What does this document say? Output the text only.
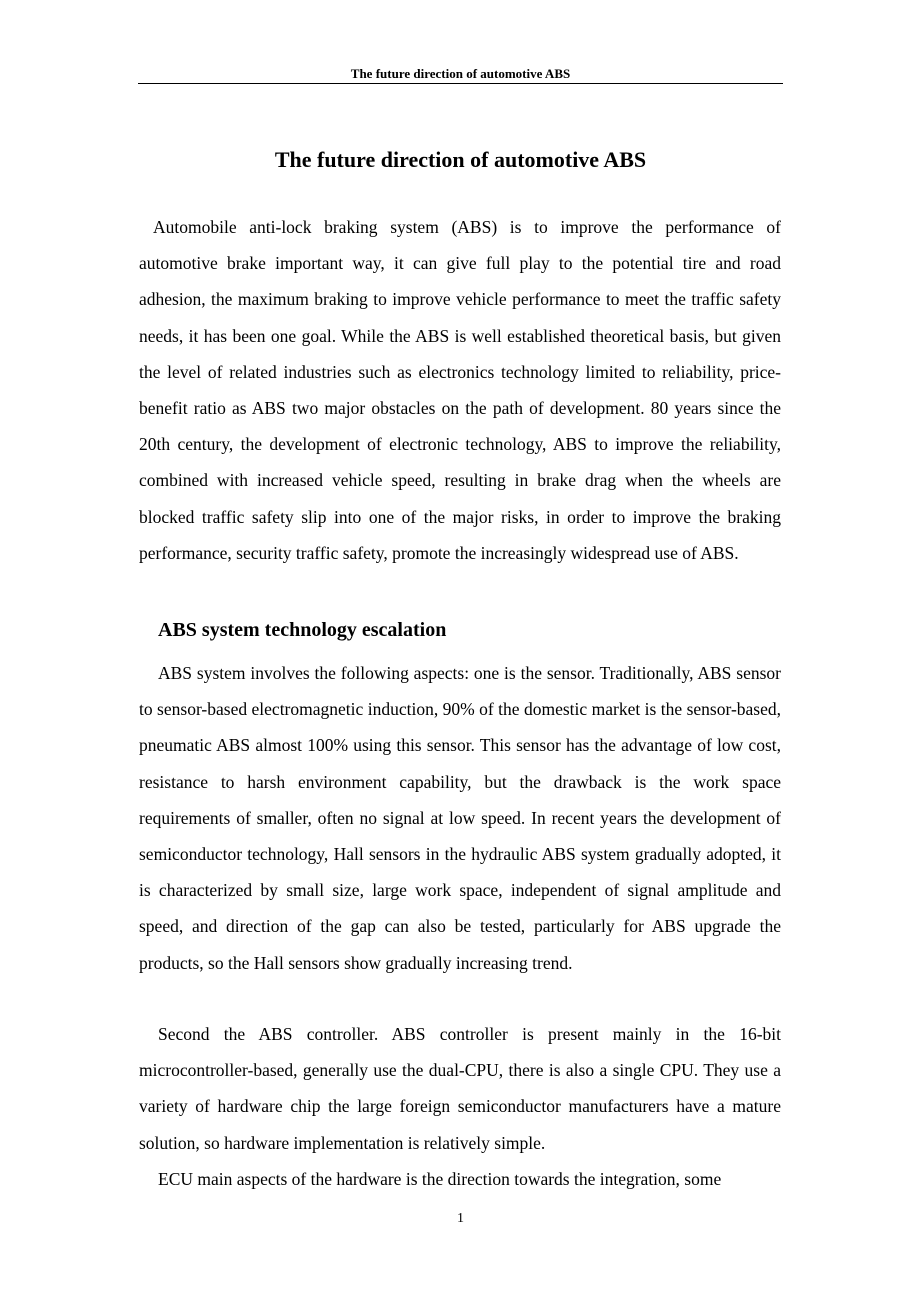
The future direction of automotive ABS
The future direction of automotive ABS

Automobile anti-lock braking system (ABS) is to improve the performance of automotive brake important way, it can give full play to the potential tire and road adhesion, the maximum braking to improve vehicle performance to meet the traffic safety needs, it has been one goal. While the ABS is well established theoretical basis, but given the level of related industries such as electronics technology limited to reliability, price-benefit ratio as ABS two major obstacles on the path of development. 80 years since the 20th century, the development of electronic technology, ABS to improve the reliability, combined with increased vehicle speed, resulting in brake drag when the wheels are blocked traffic safety slip into one of the major risks, in order to improve the braking performance, security traffic safety, promote the increasingly widespread use of ABS.

ABS system technology escalation

ABS system involves the following aspects: one is the sensor. Traditionally, ABS sensor to sensor-based electromagnetic induction, 90% of the domestic market is the sensor-based, pneumatic ABS almost 100% using this sensor. This sensor has the advantage of low cost, resistance to harsh environment capability, but the drawback is the work space requirements of smaller, often no signal at low speed. In recent years the development of semiconductor technology, Hall sensors in the hydraulic ABS system gradually adopted, it is characterized by small size, large work space, independent of signal amplitude and speed, and direction of the gap can also be tested, particularly for ABS upgrade the products, so the Hall sensors show gradually increasing trend.

Second the ABS controller. ABS controller is present mainly in the 16-bit microcontroller-based, generally use the dual-CPU, there is also a single CPU. They use a variety of hardware chip the large foreign semiconductor manufacturers have a mature solution, so hardware implementation is relatively simple.

ECU main aspects of the hardware is the direction towards the integration, some

1
